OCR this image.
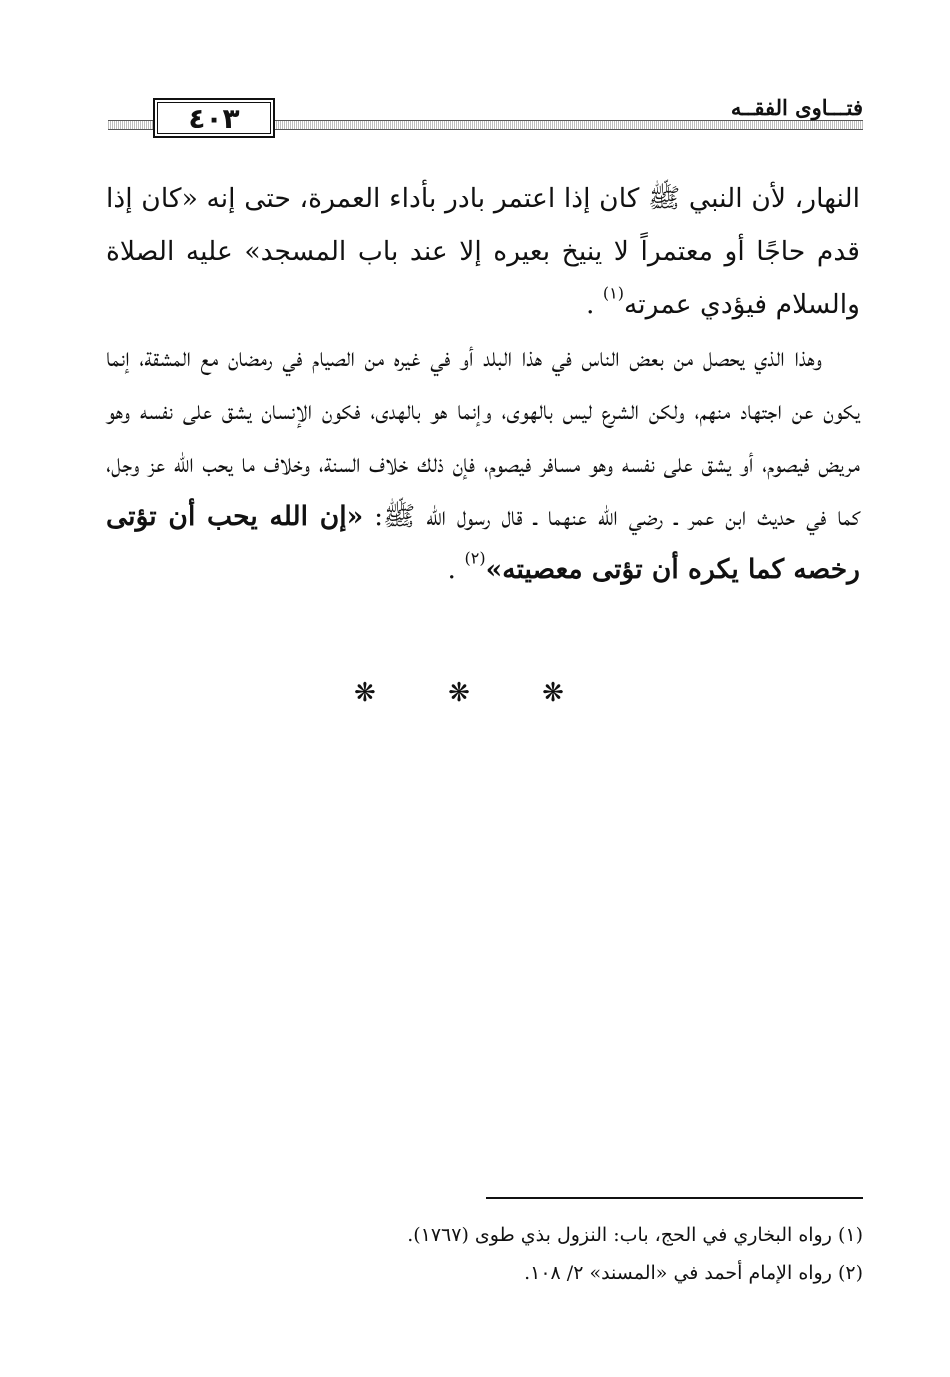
٤٠٣	فتـــاوى الفقــه

النهار، لأن النبي ﷺ كان إذا اعتمر بادر بأداء العمرة، حتى إنه «كان إذا قدم حاجًا أو معتمراً لا ينيخ بعيره إلا عند باب المسجد» عليه الصلاة والسلام فيؤدي عمرته$^{(١)}$ .

وهذا الذي يحصل من بعض الناس في هذا البلد أو في غيره من الصيام في رمضان مع المشقة، إنما يكون عن اجتهاد منهم، ولكن الشرع ليس بالهوى، وإنما هو بالهدى، فكون الإنسان يشق على نفسه وهو مريض فيصوم، أو يشق على نفسه وهو مسافر فيصوم، فإن ذلك خلاف السنة، وخلاف ما يحب الله عز وجل، كما في حديث ابن عمر ـ رضي الله عنهما ـ قال رسول الله ﷺ: «إن الله يحب أن تؤتى رخصه كما يكره أن تؤتى معصيته»$^{(٢)}$ .

❋ ❋ ❋
(١) رواه البخاري في الحج، باب: النزول بذي طوى (١٧٦٧).
(٢) رواه الإمام أحمد في «المسند» ٢/ ١٠٨.
